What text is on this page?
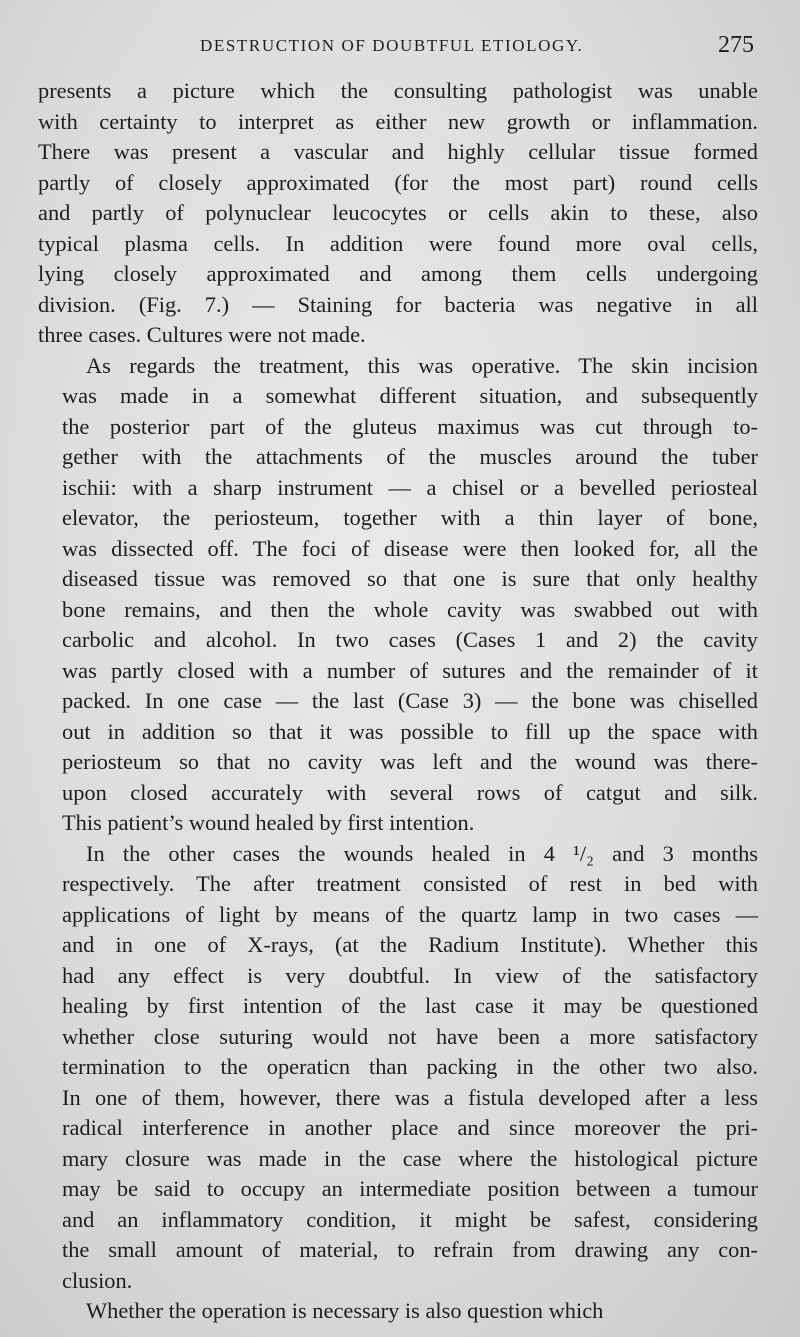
DESTRUCTION OF DOUBTFUL ETIOLOGY.	275

presents a picture which the consulting pathologist was unable
with certainty to interpret as either new growth or inflammation.
There was present a vascular and highly cellular tissue formed
partly of closely approximated (for the most part) round cells
and partly of polynuclear leucocytes or cells akin to these, also
typical plasma cells. In addition were found more oval cells,
lying closely approximated and among them cells undergoing
division. (Fig. 7.) — Staining for bacteria was negative in all
three cases. Cultures were not made.

As regards the treatment, this was operative. The skin incision
was made in a somewhat different situation, and subsequently
the posterior part of the gluteus maximus was cut through to-
gether with the attachments of the muscles around the tuber
ischii: with a sharp instrument — a chisel or a bevelled periosteal
elevator, the periosteum, together with a thin layer of bone,
was dissected off. The foci of disease were then looked for, all the
diseased tissue was removed so that one is sure that only healthy
bone remains, and then the whole cavity was swabbed out with
carbolic and alcohol. In two cases (Cases 1 and 2) the cavity
was partly closed with a number of sutures and the remainder of it
packed. In one case — the last (Case 3) — the bone was chiselled
out in addition so that it was possible to fill up the space with
periosteum so that no cavity was left and the wound was there-
upon closed accurately with several rows of catgut and silk.
This patient’s wound healed by first intention.

In the other cases the wounds healed in 4 ¹/₂ and 3 months
respectively. The after treatment consisted of rest in bed with
applications of light by means of the quartz lamp in two cases —
and in one of X-rays, (at the Radium Institute). Whether this
had any effect is very doubtful. In view of the satisfactory
healing by first intention of the last case it may be questioned
whether close suturing would not have been a more satisfactory
termination to the operaticn than packing in the other two also.
In one of them, however, there was a fistula developed after a less
radical interference in another place and since moreover the pri-
mary closure was made in the case where the histological picture
may be said to occupy an intermediate position between a tumour
and an inflammatory condition, it might be safest, considering
the small amount of material, to refrain from drawing any con-
clusion.

Whether the operation is necessary is also question which
